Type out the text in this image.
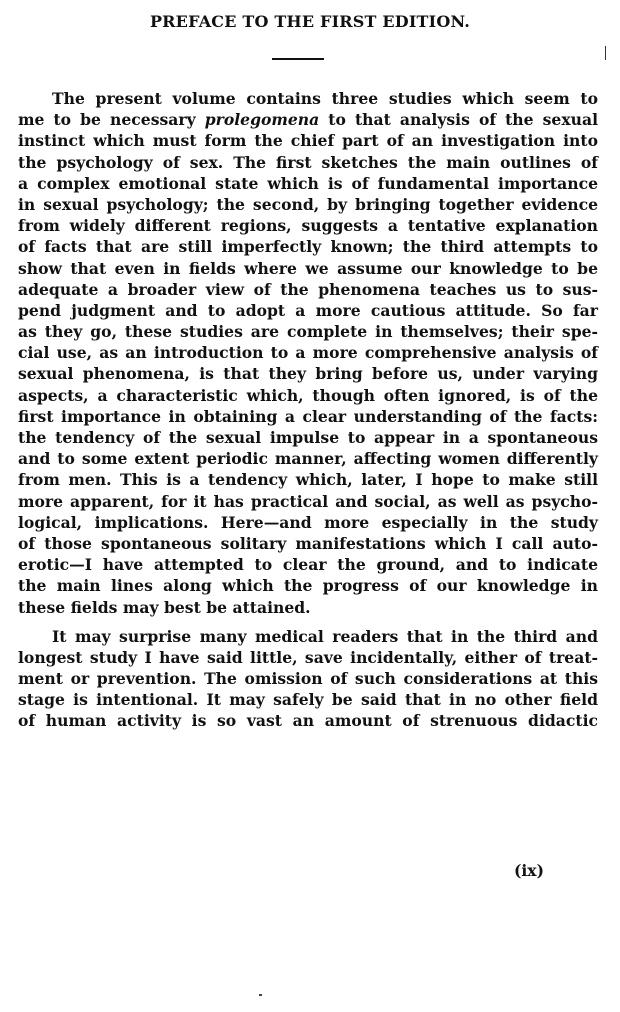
PREFACE TO THE FIRST EDITION.
The present volume contains three studies which seem to
me to be necessary prolegomena to that analysis of the sexual
instinct which must form the chief part of an investigation into
the psychology of sex. The first sketches the main outlines of
a complex emotional state which is of fundamental importance
in sexual psychology; the second, by bringing together evidence
from widely different regions, suggests a tentative explanation
of facts that are still imperfectly known; the third attempts to
show that even in fields where we assume our knowledge to be
adequate a broader view of the phenomena teaches us to sus-
pend judgment and to adopt a more cautious attitude. So far
as they go, these studies are complete in themselves; their spe-
cial use, as an introduction to a more comprehensive analysis of
sexual phenomena, is that they bring before us, under varying
aspects, a characteristic which, though often ignored, is of the
first importance in obtaining a clear understanding of the facts:
the tendency of the sexual impulse to appear in a spontaneous
and to some extent periodic manner, affecting women differently
from men. This is a tendency which, later, I hope to make still
more apparent, for it has practical and social, as well as psycho-
logical, implications. Here—and more especially in the study
of those spontaneous solitary manifestations which I call auto-
erotic—I have attempted to clear the ground, and to indicate
the main lines along which the progress of our knowledge in
these fields may best be attained.
It may surprise many medical readers that in the third and
longest study I have said little, save incidentally, either of treat-
ment or prevention. The omission of such considerations at this
stage is intentional. It may safely be said that in no other field
of human activity is so vast an amount of strenuous didactic
(ix)
